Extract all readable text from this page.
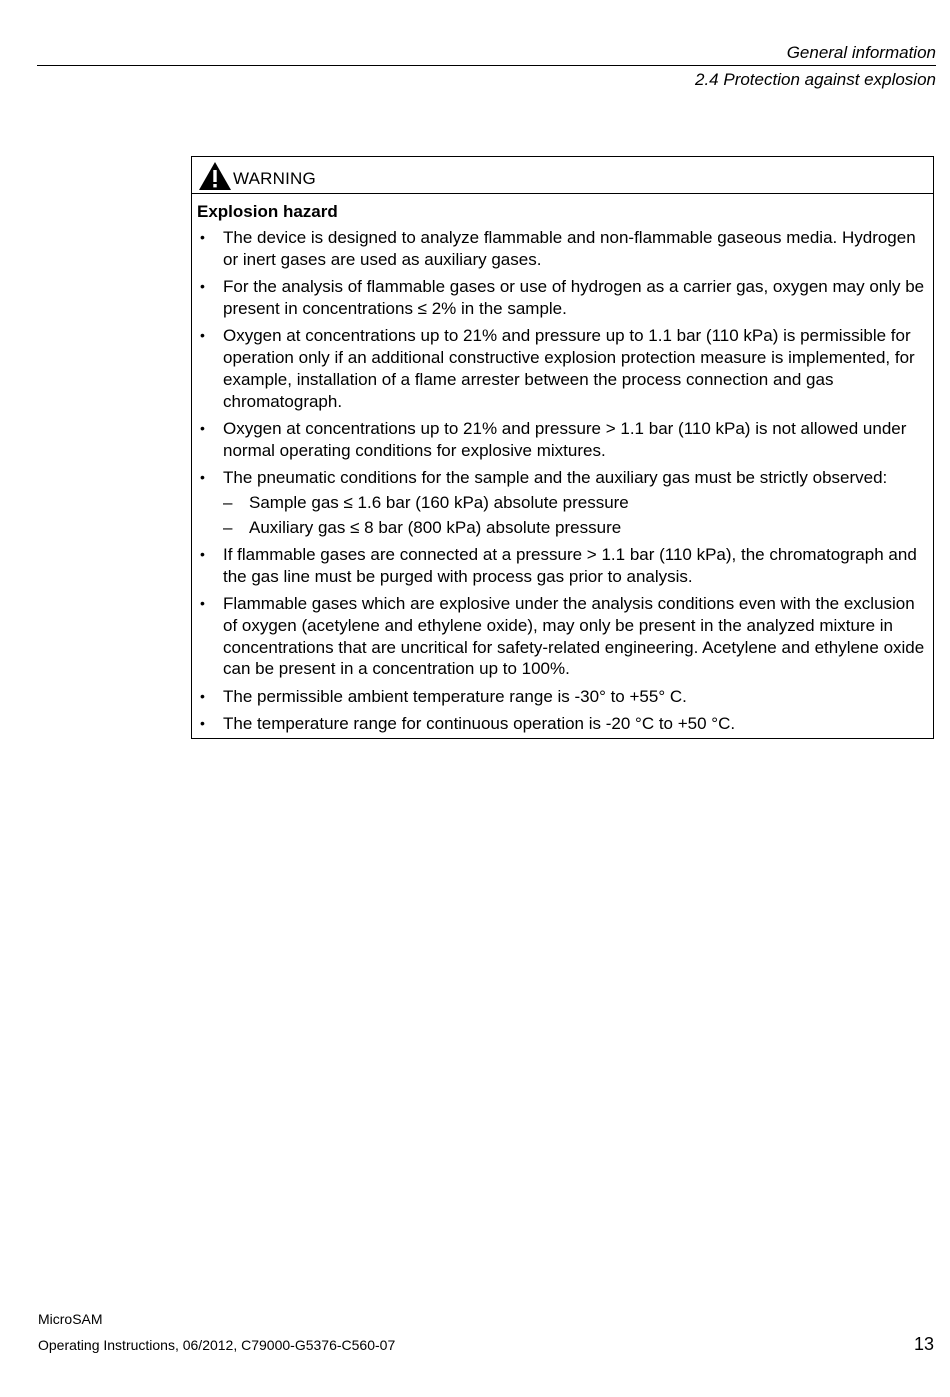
General information
2.4 Protection against explosion
WARNING
Explosion hazard
• The device is designed to analyze flammable and non-flammable gaseous media. Hydrogen or inert gases are used as auxiliary gases.
• For the analysis of flammable gases or use of hydrogen as a carrier gas, oxygen may only be present in concentrations ≤ 2% in the sample.
• Oxygen at concentrations up to 21% and pressure up to 1.1 bar (110 kPa) is permissible for operation only if an additional constructive explosion protection measure is implemented, for example, installation of a flame arrester between the process connection and gas chromatograph.
• Oxygen at concentrations up to 21% and pressure > 1.1 bar (110 kPa) is not allowed under normal operating conditions for explosive mixtures.
• The pneumatic conditions for the sample and the auxiliary gas must be strictly observed:
– Sample gas ≤ 1.6 bar (160 kPa) absolute pressure
– Auxiliary gas ≤ 8 bar (800 kPa) absolute pressure
• If flammable gases are connected at a pressure > 1.1 bar (110 kPa), the chromatograph and the gas line must be purged with process gas prior to analysis.
• Flammable gases which are explosive under the analysis conditions even with the exclusion of oxygen (acetylene and ethylene oxide), may only be present in the analyzed mixture in concentrations that are uncritical for safety-related engineering. Acetylene and ethylene oxide can be present in a concentration up to 100%.
• The permissible ambient temperature range is -30° to +55° C.
• The temperature range for continuous operation is -20 °C to +50 °C.
MicroSAM
Operating Instructions, 06/2012, C79000-G5376-C560-07	13
